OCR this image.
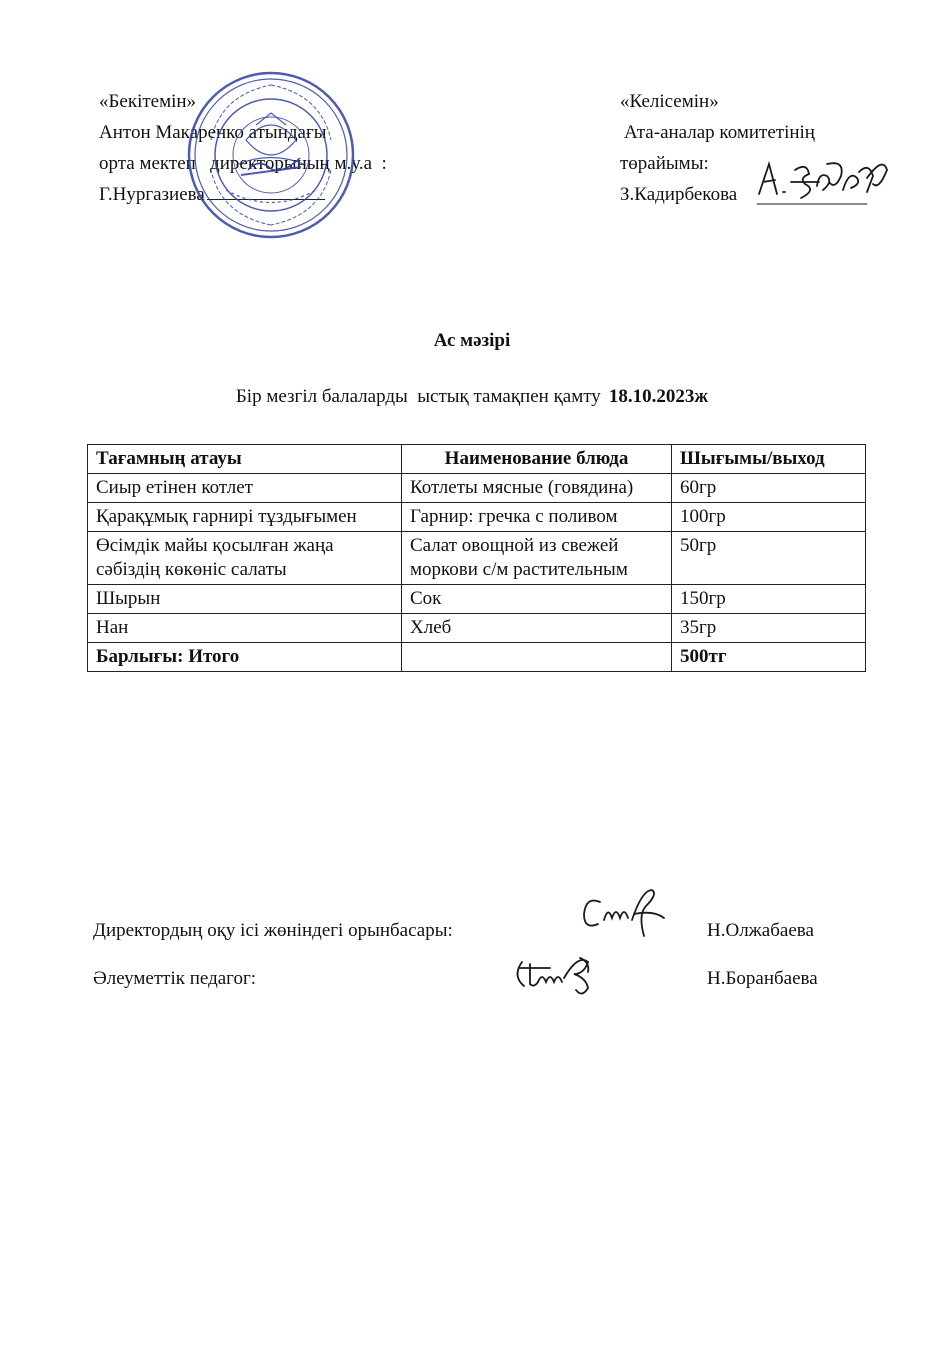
«Бекітемін»
Антон Макаренко атындағы
орта мектеп   директорының м.у.а  :
Г.Нургазиева
«Келісемін»
Ата-аналар комитетінің
төрайымы:
З.Кадирбекова
Ас мәзірі
Бір мезгіл балаларды  ыстық тамақпен қамту 18.10.2023ж
Тағамның атауы	Наименование блюда	Шығымы/выход
Сиыр етінен котлет	Котлеты мясные (говядина)	60гр
Қарақұмық гарнирі тұздығымен	Гарнир: гречка с поливом	100гр
Өсімдік майы қосылған жаңа сәбіздің көкөніс салаты	Салат овощной из свежей моркови с/м растительным	50гр
Шырын	Сок	150гр
Нан	Хлеб	35гр
Барлығы: Итого		500тг
Директордың оқу ісі жөніндегі орынбасары:	Н.Олжабаева
Әлеуметтік педагог:	Н.Боранбаева
